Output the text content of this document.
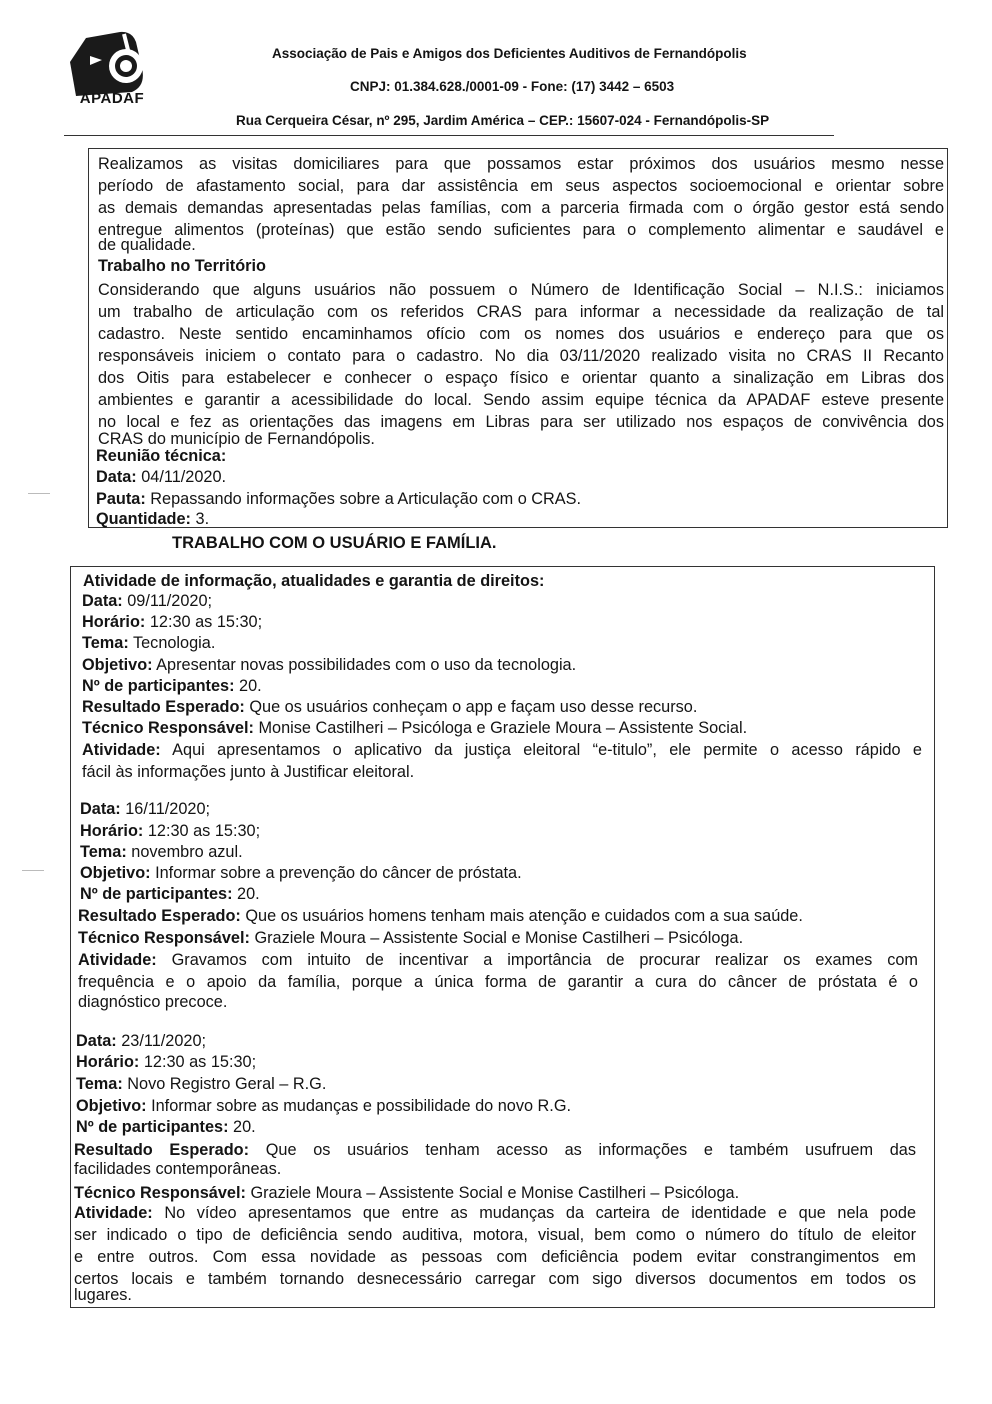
APADAF
Associação de Pais e Amigos dos Deficientes Auditivos de Fernandópolis
CNPJ: 01.384.628./0001-09 - Fone: (17) 3442 – 6503
Rua Cerqueira César, nº 295, Jardim América – CEP.: 15607-024 - Fernandópolis-SP
Realizamos as visitas domiciliares para que possamos estar próximos dos usuários mesmo nesse
período de afastamento social, para dar assistência em seus aspectos socioemocional e orientar sobre
as demais demandas apresentadas pelas famílias, com a parceria firmada com o órgão gestor está sendo
entregue alimentos (proteínas) que estão sendo suficientes para o complemento alimentar e saudável e
de qualidade.
Trabalho no Território
Considerando que alguns usuários não possuem o Número de Identificação Social – N.I.S.: iniciamos
um trabalho de articulação com os referidos CRAS para informar a necessidade da realização de tal
cadastro. Neste sentido encaminhamos ofício com os nomes dos usuários e endereço para que os
responsáveis iniciem o contato para o cadastro. No dia 03/11/2020 realizado visita no CRAS II Recanto
dos Oitis para estabelecer e conhecer o espaço físico e orientar quanto a sinalização em Libras dos
ambientes e garantir a acessibilidade do local. Sendo assim equipe técnica da APADAF esteve presente
no local e fez as orientações das imagens em Libras para ser utilizado nos espaços de convivência dos
CRAS do município de Fernandópolis.
Reunião técnica:
Data: 04/11/2020.
Pauta: Repassando informações sobre a Articulação com o CRAS.
Quantidade: 3.
TRABALHO COM O USUÁRIO E FAMÍLIA.
Atividade de informação, atualidades e garantia de direitos:
Data: 09/11/2020;
Horário: 12:30 as 15:30;
Tema: Tecnologia.
Objetivo: Apresentar novas possibilidades com o uso da tecnologia.
Nº de participantes: 20.
Resultado Esperado: Que os usuários conheçam o app e façam uso desse recurso.
Técnico Responsável: Monise Castilheri – Psicóloga e Graziele Moura – Assistente Social.
Atividade: Aqui apresentamos o aplicativo da justiça eleitoral “e-titulo”, ele permite o acesso rápido e
fácil às informações junto à Justificar eleitoral.
Data: 16/11/2020;
Horário: 12:30 as 15:30;
Tema: novembro azul.
Objetivo: Informar sobre a prevenção do câncer de próstata.
Nº de participantes: 20.
Resultado Esperado: Que os usuários homens tenham mais atenção e cuidados com a sua saúde.
Técnico Responsável: Graziele Moura – Assistente Social e Monise Castilheri – Psicóloga.
Atividade: Gravamos com intuito de incentivar a importância de procurar realizar os exames com
frequência e o apoio da família, porque a única forma de garantir a cura do câncer de próstata é o
diagnóstico precoce.
Data: 23/11/2020;
Horário: 12:30 as 15:30;
Tema: Novo Registro Geral – R.G.
Objetivo: Informar sobre as mudanças e possibilidade do novo R.G.
Nº de participantes: 20.
Resultado Esperado: Que os usuários tenham acesso as informações e também usufruem das
facilidades contemporâneas.
Técnico Responsável: Graziele Moura – Assistente Social e Monise Castilheri – Psicóloga.
Atividade: No vídeo apresentamos que entre as mudanças da carteira de identidade e que nela pode
ser indicado o tipo de deficiência sendo auditiva, motora, visual, bem como o número do título de eleitor
e entre outros. Com essa novidade as pessoas com deficiência podem evitar constrangimentos em
certos locais e também tornando desnecessário carregar com sigo diversos documentos em todos os
lugares.
